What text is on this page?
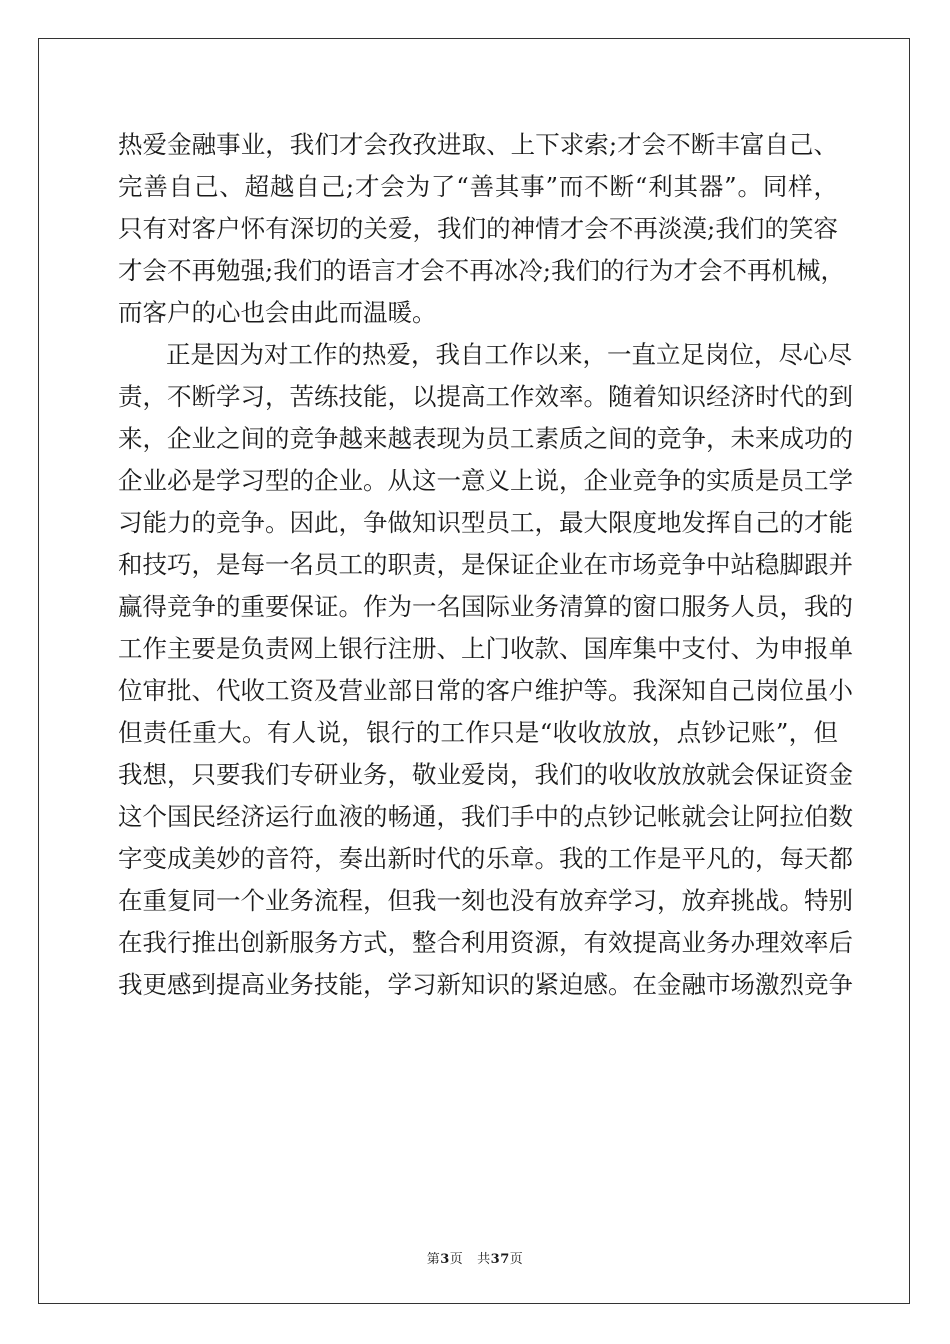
热爱金融事业，我们才会孜孜进取、上下求索;才会不断丰富自己、
完善自己、超越自己;才会为了“善其事”而不断“利其器”。同样，
只有对客户怀有深切的关爱，我们的神情才会不再淡漠;我们的笑容
才会不再勉强;我们的语言才会不再冰冷;我们的行为才会不再机械，
而客户的心也会由此而温暖。
正是因为对工作的热爱，我自工作以来，一直立足岗位，尽心尽
责，不断学习，苦练技能，以提高工作效率。随着知识经济时代的到
来，企业之间的竞争越来越表现为员工素质之间的竞争，未来成功的
企业必是学习型的企业。从这一意义上说，企业竞争的实质是员工学
习能力的竞争。因此，争做知识型员工，最大限度地发挥自己的才能
和技巧，是每一名员工的职责，是保证企业在市场竞争中站稳脚跟并
赢得竞争的重要保证。作为一名国际业务清算的窗口服务人员，我的
工作主要是负责网上银行注册、上门收款、国库集中支付、为申报单
位审批、代收工资及营业部日常的客户维护等。我深知自己岗位虽小
但责任重大。有人说，银行的工作只是“收收放放，点钞记账”，但
我想，只要我们专研业务，敬业爱岗，我们的收收放放就会保证资金
这个国民经济运行血液的畅通，我们手中的点钞记帐就会让阿拉伯数
字变成美妙的音符，奏出新时代的乐章。我的工作是平凡的，每天都
在重复同一个业务流程，但我一刻也没有放弃学习，放弃挑战。特别
在我行推出创新服务方式，整合利用资源，有效提高业务办理效率后
我更感到提高业务技能，学习新知识的紧迫感。在金融市场激烈竞争
第3页   共37页
